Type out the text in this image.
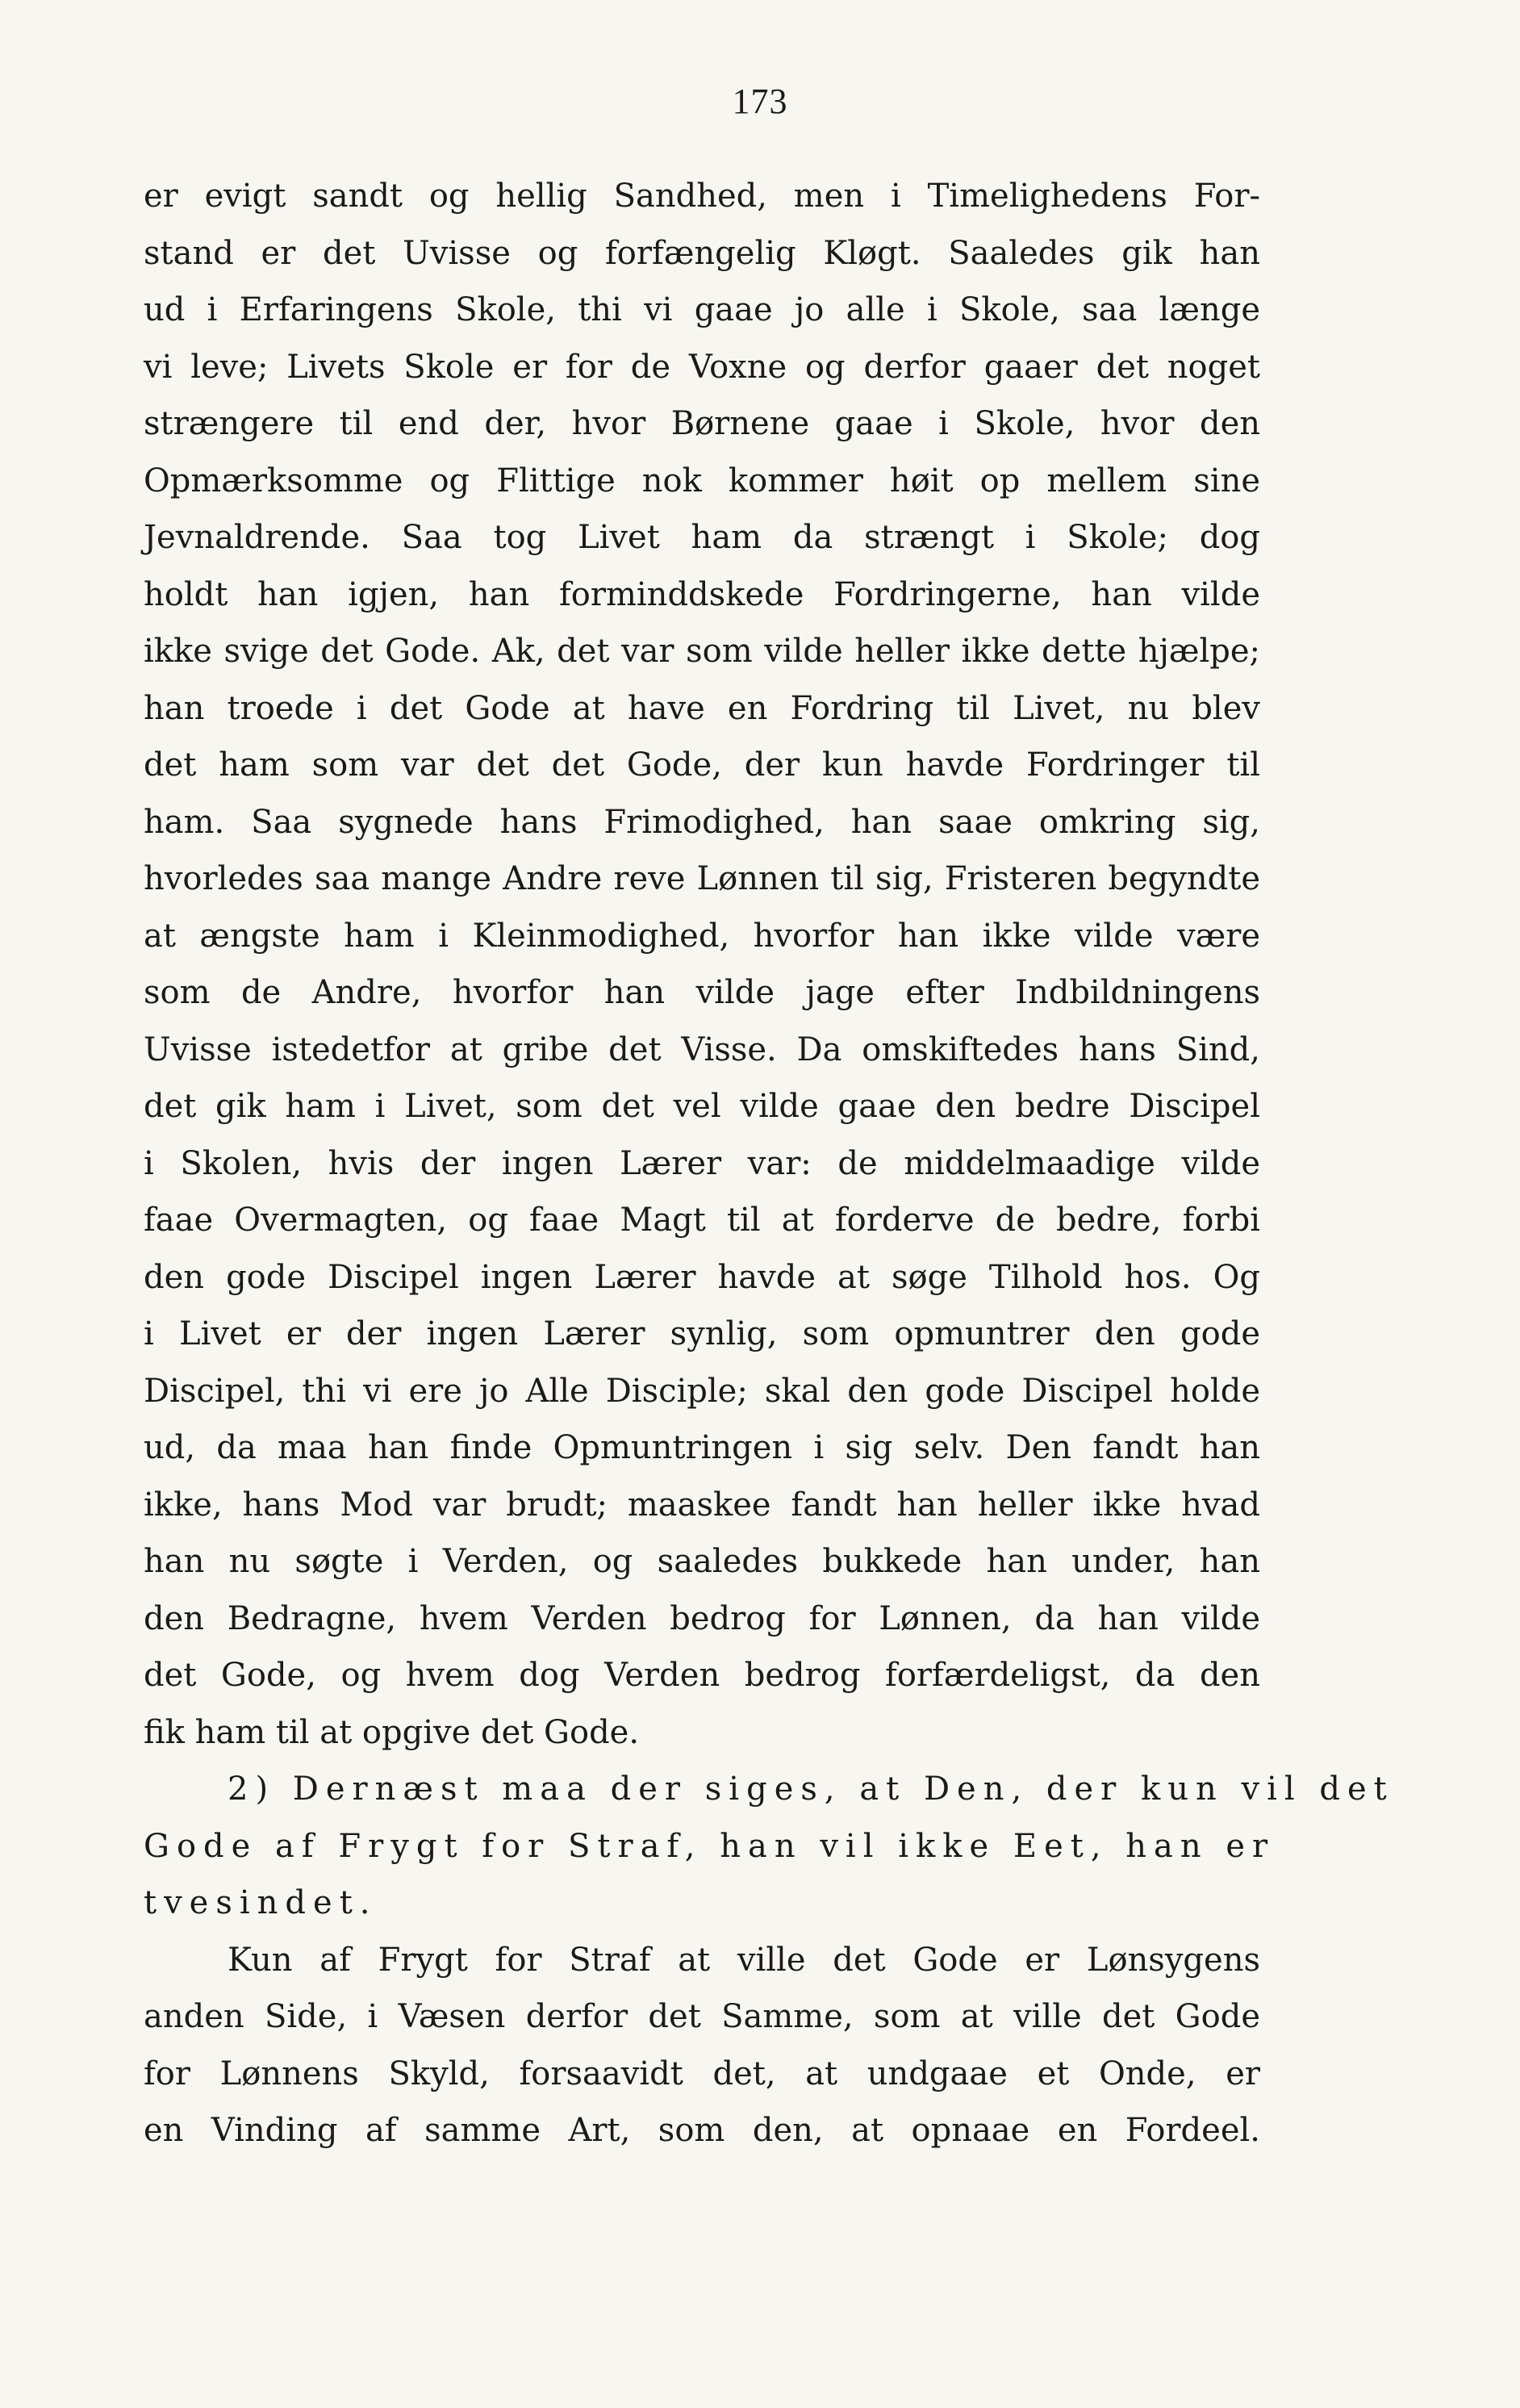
173
er evigt sandt og hellig Sandhed, men i Timelighedens For-
stand er det Uvisse og forfængelig Kløgt. Saaledes gik han
ud i Erfaringens Skole, thi vi gaae jo alle i Skole, saa længe
vi leve; Livets Skole er for de Voxne og derfor gaaer det noget
strængere til end der, hvor Børnene gaae i Skole, hvor den
Opmærksomme og Flittige nok kommer høit op mellem sine
Jevnaldrende. Saa tog Livet ham da strængt i Skole; dog
holdt han igjen, han forminddskede Fordringerne, han vilde
ikke svige det Gode. Ak, det var som vilde heller ikke dette hjælpe;
han troede i det Gode at have en Fordring til Livet, nu blev
det ham som var det det Gode, der kun havde Fordringer til
ham. Saa sygnede hans Frimodighed, han saae omkring sig,
hvorledes saa mange Andre reve Lønnen til sig, Fristeren begyndte
at ængste ham i Kleinmodighed, hvorfor han ikke vilde være
som de Andre, hvorfor han vilde jage efter Indbildningens
Uvisse istedetfor at gribe det Visse. Da omskiftedes hans Sind,
det gik ham i Livet, som det vel vilde gaae den bedre Discipel
i Skolen, hvis der ingen Lærer var: de middelmaadige vilde
faae Overmagten, og faae Magt til at forderve de bedre, forbi
den gode Discipel ingen Lærer havde at søge Tilhold hos. Og
i Livet er der ingen Lærer synlig, som opmuntrer den gode
Discipel, thi vi ere jo Alle Disciple; skal den gode Discipel holde
ud, da maa han finde Opmuntringen i sig selv. Den fandt han
ikke, hans Mod var brudt; maaskee fandt han heller ikke hvad
han nu søgte i Verden, og saaledes bukkede han under, han
den Bedragne, hvem Verden bedrog for Lønnen, da han vilde
det Gode, og hvem dog Verden bedrog forfærdeligst, da den
fik ham til at opgive det Gode.
2) Dernæst maa der siges, at Den, der kun vil det
Gode af Frygt for Straf, han vil ikke Eet, han er
tvesindet.
Kun af Frygt for Straf at ville det Gode er Lønsygens
anden Side, i Væsen derfor det Samme, som at ville det Gode
for Lønnens Skyld, forsaavidt det, at undgaae et Onde, er
en Vinding af samme Art, som den, at opnaae en Fordeel.
